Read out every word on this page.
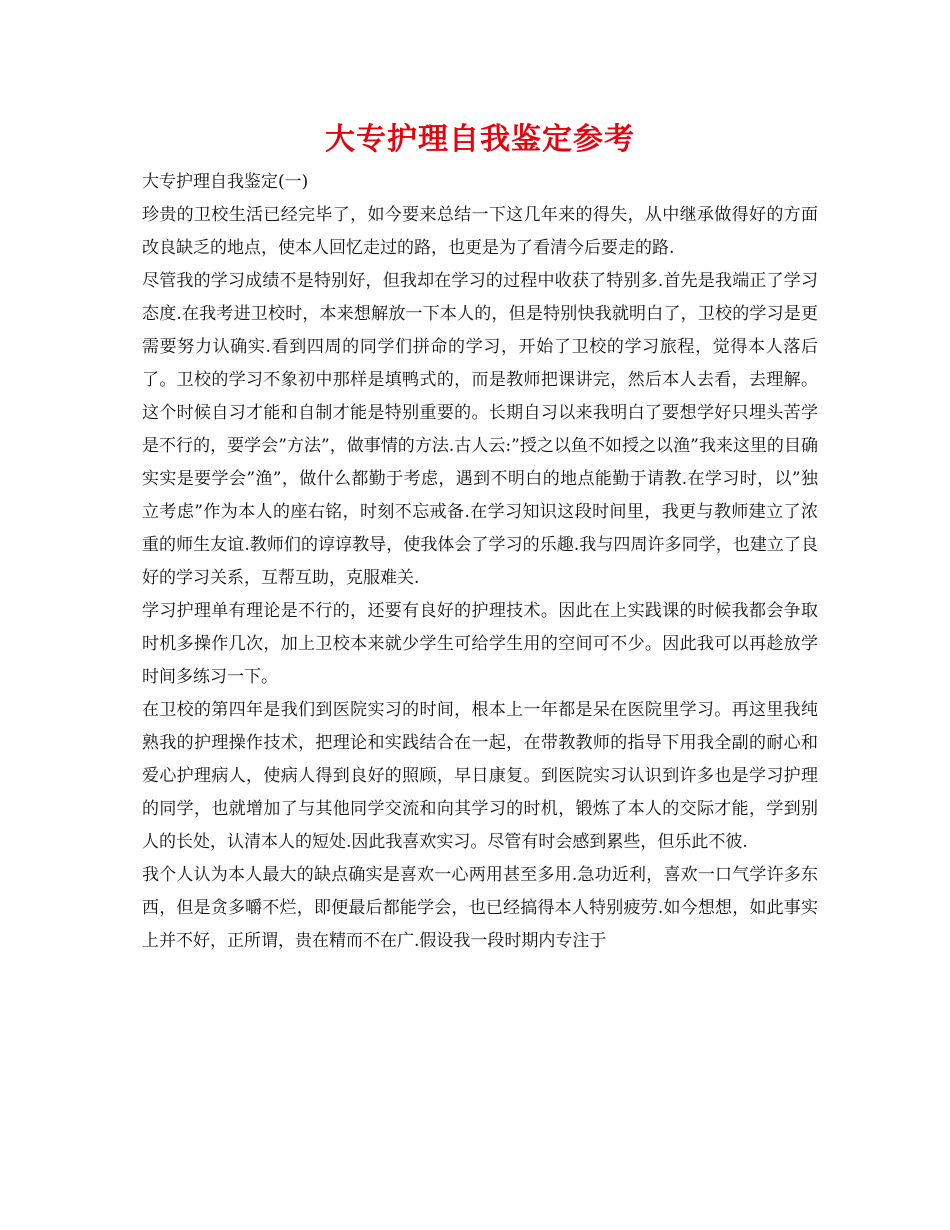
大专护理自我鉴定参考

大专护理自我鉴定(一)

珍贵的卫校生活已经完毕了，如今要来总结一下这几年来的得失，从中继承做得好的方面改良缺乏的地点，使本人回忆走过的路，也更是为了看清今后要走的路.

尽管我的学习成绩不是特别好，但我却在学习的过程中收获了特别多.首先是我端正了学习态度.在我考进卫校时，本来想解放一下本人的，但是特别快我就明白了，卫校的学习是更需要努力认确实.看到四周的同学们拼命的学习，开始了卫校的学习旅程，觉得本人落后了。卫校的学习不象初中那样是填鸭式的，而是教师把课讲完，然后本人去看，去理解。这个时候自习才能和自制才能是特别重要的。长期自习以来我明白了要想学好只埋头苦学是不行的，要学会”方法”，做事情的方法.古人云:”授之以鱼不如授之以渔”我来这里的目确实实是要学会”渔”，做什么都勤于考虑，遇到不明白的地点能勤于请教.在学习时，以”独立考虑”作为本人的座右铭，时刻不忘戒备.在学习知识这段时间里，我更与教师建立了浓重的师生友谊.教师们的谆谆教导，使我体会了学习的乐趣.我与四周许多同学，也建立了良好的学习关系，互帮互助，克服难关.

学习护理单有理论是不行的，还要有良好的护理技术。因此在上实践课的时候我都会争取时机多操作几次，加上卫校本来就少学生可给学生用的空间可不少。因此我可以再趁放学时间多练习一下。

在卫校的第四年是我们到医院实习的时间，根本上一年都是呆在医院里学习。再这里我纯熟我的护理操作技术，把理论和实践结合在一起，在带教教师的指导下用我全副的耐心和爱心护理病人，使病人得到良好的照顾，早日康复。到医院实习认识到许多也是学习护理的同学，也就增加了与其他同学交流和向其学习的时机，锻炼了本人的交际才能，学到别人的长处，认清本人的短处.因此我喜欢实习。尽管有时会感到累些，但乐此不彼.

我个人认为本人最大的缺点确实是喜欢一心两用甚至多用.急功近利，喜欢一口气学许多东西，但是贪多嚼不烂，即便最后都能学会，也已经搞得本人特别疲劳.如今想想，如此事实上并不好，正所谓，贵在精而不在广.假设我一段时期内专注于
